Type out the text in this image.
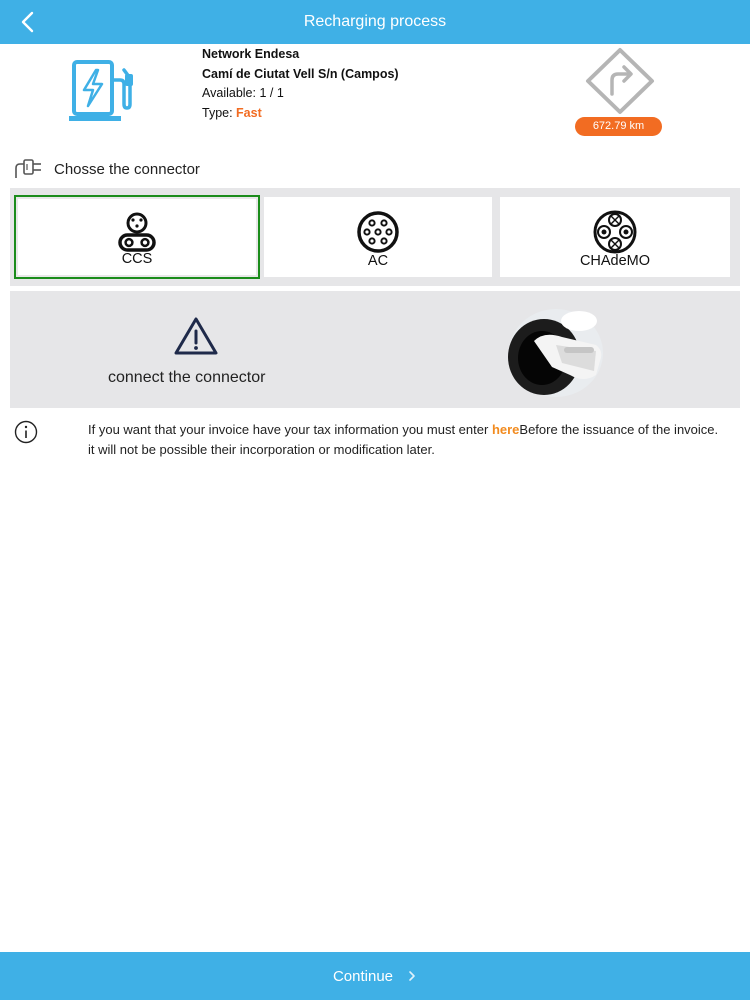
Recharging process
Network Endesa
Camí de Ciutat Vell S/n (Campos)
Available: 1 / 1
Type: Fast
672.79 km
Chosse the connector
CCS	AC	CHAdeMO
connect the connector
If you want that your invoice have your tax information you must enter hereBefore the issuance of the invoice. it will not be possible their incorporation or modification later.
Continue
